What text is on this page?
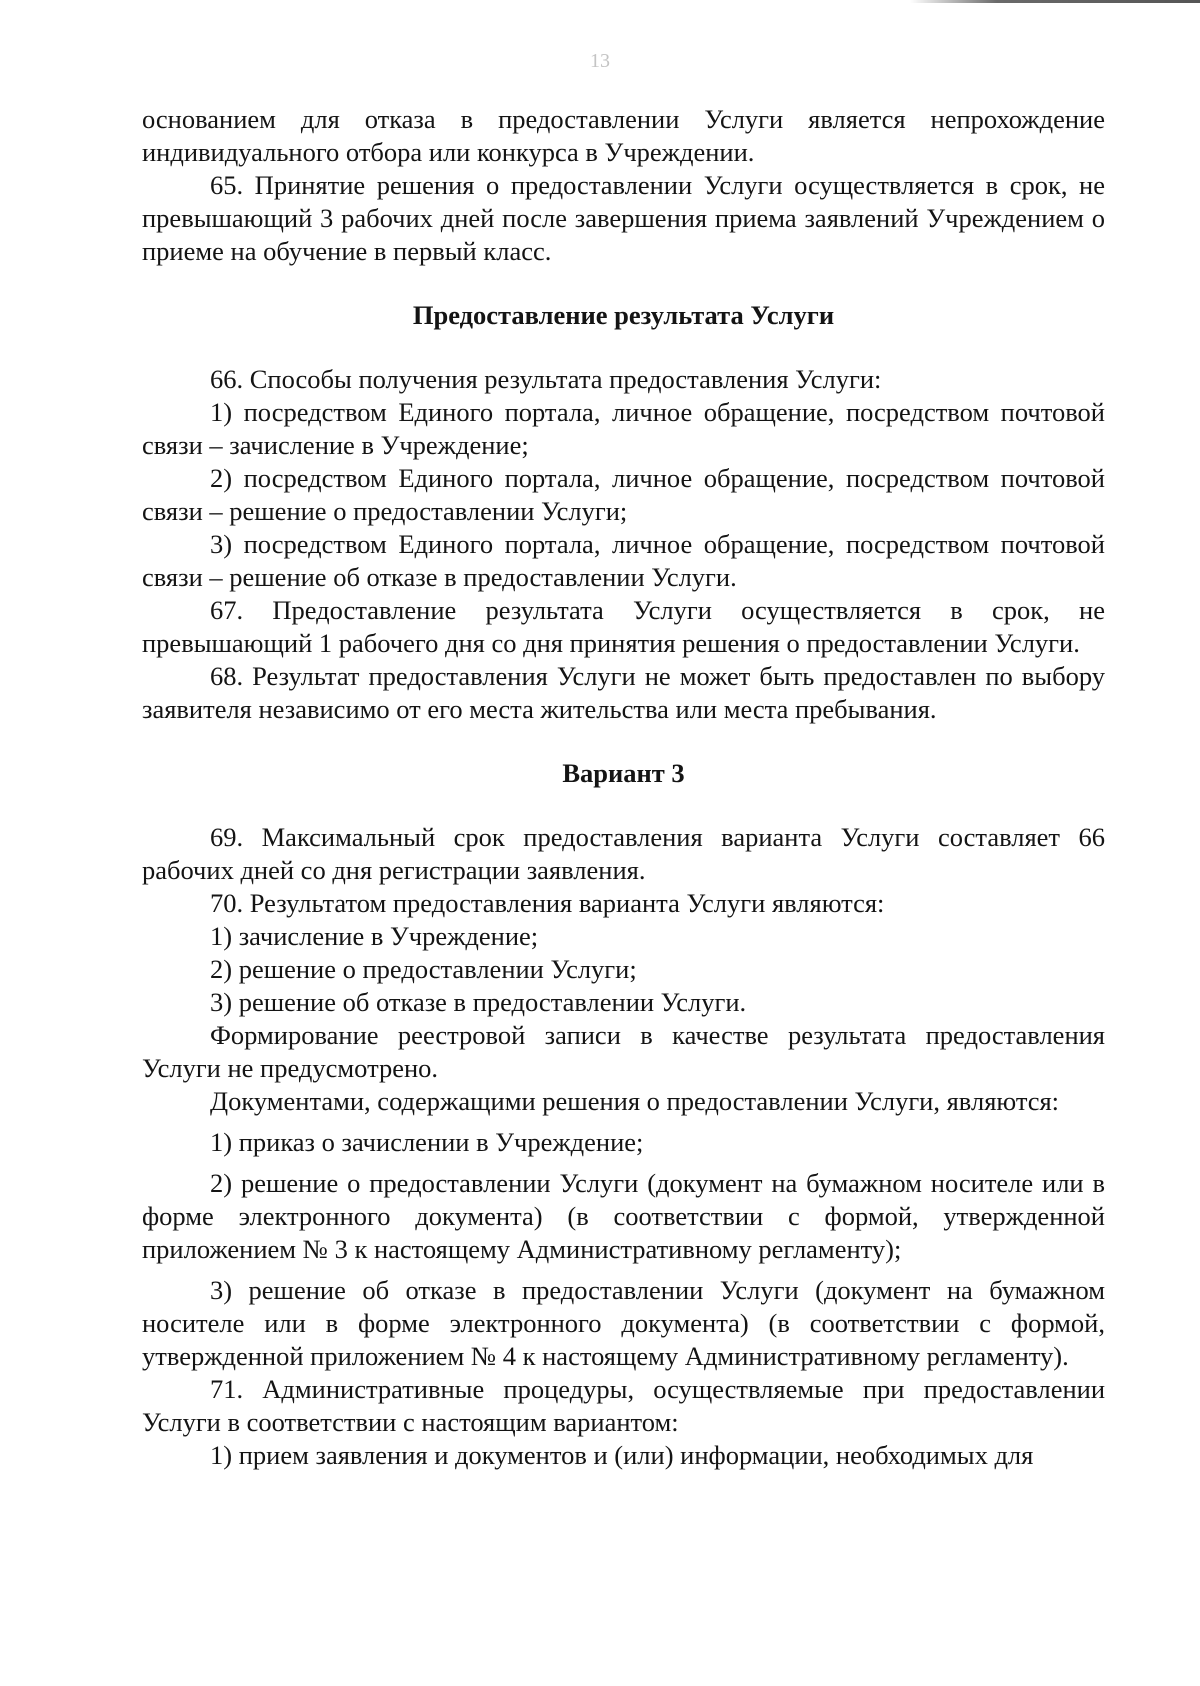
13

основанием для отказа в предоставлении Услуги является непрохождение индивидуального отбора или конкурса в Учреждении.

65. Принятие решения о предоставлении Услуги осуществляется в срок, не превышающий 3 рабочих дней после завершения приема заявлений Учреждением о приеме на обучение в первый класс.

Предоставление результата Услуги

66. Способы получения результата предоставления Услуги:

1) посредством Единого портала, личное обращение, посредством почтовой связи – зачисление в Учреждение;

2) посредством Единого портала, личное обращение, посредством почтовой связи – решение о предоставлении Услуги;

3) посредством Единого портала, личное обращение, посредством почтовой связи – решение об отказе в предоставлении Услуги.

67. Предоставление результата Услуги осуществляется в срок, не превышающий 1 рабочего дня со дня принятия решения о предоставлении Услуги.

68. Результат предоставления Услуги не может быть предоставлен по выбору заявителя независимо от его места жительства или места пребывания.

Вариант 3

69. Максимальный срок предоставления варианта Услуги составляет 66 рабочих дней со дня регистрации заявления.

70. Результатом предоставления варианта Услуги являются:

1) зачисление в Учреждение;

2) решение о предоставлении Услуги;

3) решение об отказе в предоставлении Услуги.

Формирование реестровой записи в качестве результата предоставления Услуги не предусмотрено.

Документами, содержащими решения о предоставлении Услуги, являются:

1) приказ о зачислении в Учреждение;

2) решение о предоставлении Услуги (документ на бумажном носителе или в форме электронного документа) (в соответствии с формой, утвержденной приложением № 3 к настоящему Административному регламенту);

3) решение об отказе в предоставлении Услуги (документ на бумажном носителе или в форме электронного документа) (в соответствии с формой, утвержденной приложением № 4 к настоящему Административному регламенту).

71. Административные процедуры, осуществляемые при предоставлении Услуги в соответствии с настоящим вариантом:

1) прием заявления и документов и (или) информации, необходимых для
